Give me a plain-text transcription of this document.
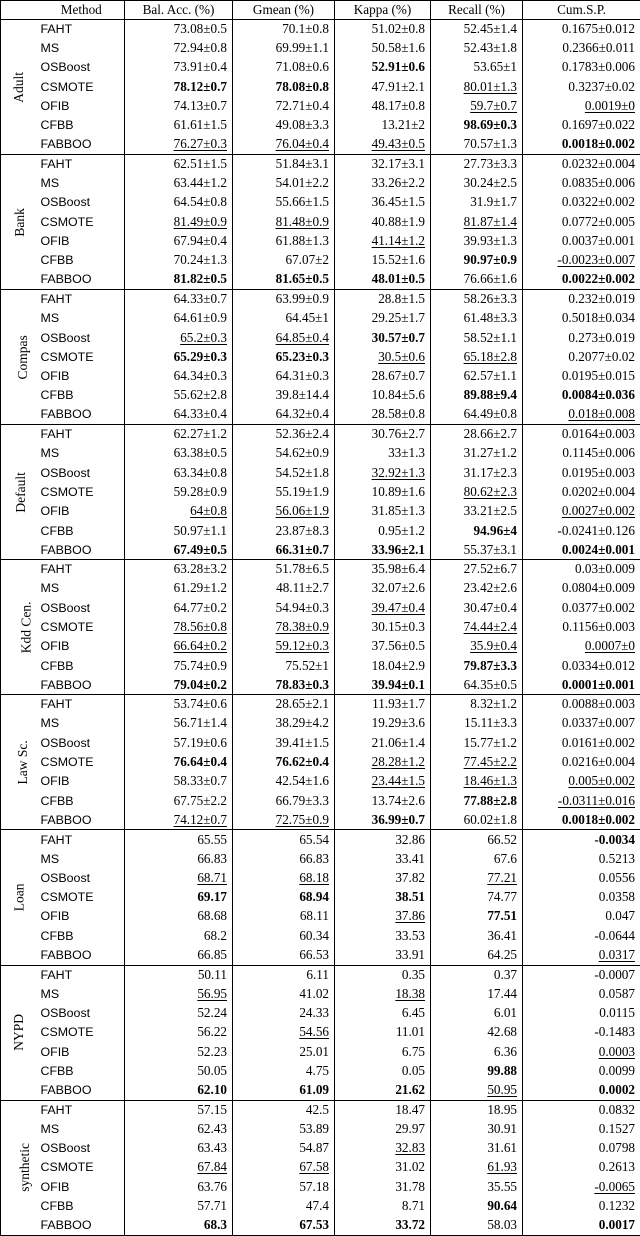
	Method	Bal. Acc. (%)	Gmean (%)	Kappa (%)	Recall (%)	Cum.S.P.
Adult	FAHT	73.08±0.5	70.1±0.8	51.02±0.8	52.45±1.4	0.1675±0.012
	MS	72.94±0.8	69.99±1.1	50.58±1.6	52.43±1.8	0.2366±0.011
	OSBoost	73.91±0.4	71.08±0.6	52.91±0.6	53.65±1	0.1783±0.006
	CSMOTE	78.12±0.7	78.08±0.8	47.91±2.1	80.01±1.3	0.3237±0.02
	OFIB	74.13±0.7	72.71±0.4	48.17±0.8	59.7±0.7	0.0019±0
	CFBB	61.61±1.5	49.08±3.3	13.21±2	98.69±0.3	0.1697±0.022
	FABBOO	76.27±0.3	76.04±0.4	49.43±0.5	70.57±1.3	0.0018±0.002
Bank	FAHT	62.51±1.5	51.84±3.1	32.17±3.1	27.73±3.3	0.0232±0.004
	MS	63.44±1.2	54.01±2.2	33.26±2.2	30.24±2.5	0.0835±0.006
	OSBoost	64.54±0.8	55.66±1.5	36.45±1.5	31.9±1.7	0.0322±0.002
	CSMOTE	81.49±0.9	81.48±0.9	40.88±1.9	81.87±1.4	0.0772±0.005
	OFIB	67.94±0.4	61.88±1.3	41.14±1.2	39.93±1.3	0.0037±0.001
	CFBB	70.24±1.3	67.07±2	15.52±1.6	90.97±0.9	-0.0023±0.007
	FABBOO	81.82±0.5	81.65±0.5	48.01±0.5	76.66±1.6	0.0022±0.002
Compas	FAHT	64.33±0.7	63.99±0.9	28.8±1.5	58.26±3.3	0.232±0.019
	MS	64.61±0.9	64.45±1	29.25±1.7	61.48±3.3	0.5018±0.034
	OSBoost	65.2±0.3	64.85±0.4	30.57±0.7	58.52±1.1	0.273±0.019
	CSMOTE	65.29±0.3	65.23±0.3	30.5±0.6	65.18±2.8	0.2077±0.02
	OFIB	64.34±0.3	64.31±0.3	28.67±0.7	62.57±1.1	0.0195±0.015
	CFBB	55.62±2.8	39.8±14.4	10.84±5.6	89.88±9.4	0.0084±0.036
	FABBOO	64.33±0.4	64.32±0.4	28.58±0.8	64.49±0.8	0.018±0.008
Default	FAHT	62.27±1.2	52.36±2.4	30.76±2.7	28.66±2.7	0.0164±0.003
	MS	63.38±0.5	54.62±0.9	33±1.3	31.27±1.2	0.1145±0.006
	OSBoost	63.34±0.8	54.52±1.8	32.92±1.3	31.17±2.3	0.0195±0.003
	CSMOTE	59.28±0.9	55.19±1.9	10.89±1.6	80.62±2.3	0.0202±0.004
	OFIB	64±0.8	56.06±1.9	31.85±1.3	33.21±2.5	0.0027±0.002
	CFBB	50.97±1.1	23.87±8.3	0.95±1.2	94.96±4	-0.0241±0.126
	FABBOO	67.49±0.5	66.31±0.7	33.96±2.1	55.37±3.1	0.0024±0.001
Kdd Cen.	FAHT	63.28±3.2	51.78±6.5	35.98±6.4	27.52±6.7	0.03±0.009
	MS	61.29±1.2	48.11±2.7	32.07±2.6	23.42±2.6	0.0804±0.009
	OSBoost	64.77±0.2	54.94±0.3	39.47±0.4	30.47±0.4	0.0377±0.002
	CSMOTE	78.56±0.8	78.38±0.9	30.15±0.3	74.44±2.4	0.1156±0.003
	OFIB	66.64±0.2	59.12±0.3	37.56±0.5	35.9±0.4	0.0007±0
	CFBB	75.74±0.9	75.52±1	18.04±2.9	79.87±3.3	0.0334±0.012
	FABBOO	79.04±0.2	78.83±0.3	39.94±0.1	64.35±0.5	0.0001±0.001
Law Sc.	FAHT	53.74±0.6	28.65±2.1	11.93±1.7	8.32±1.2	0.0088±0.003
	MS	56.71±1.4	38.29±4.2	19.29±3.6	15.11±3.3	0.0337±0.007
	OSBoost	57.19±0.6	39.41±1.5	21.06±1.4	15.77±1.2	0.0161±0.002
	CSMOTE	76.64±0.4	76.62±0.4	28.28±1.2	77.45±2.2	0.0216±0.004
	OFIB	58.33±0.7	42.54±1.6	23.44±1.5	18.46±1.3	0.005±0.002
	CFBB	67.75±2.2	66.79±3.3	13.74±2.6	77.88±2.8	-0.0311±0.016
	FABBOO	74.12±0.7	72.75±0.9	36.99±0.7	60.02±1.8	0.0018±0.002
Loan	FAHT	65.55	65.54	32.86	66.52	-0.0034
	MS	66.83	66.83	33.41	67.6	0.5213
	OSBoost	68.71	68.18	37.82	77.21	0.0556
	CSMOTE	69.17	68.94	38.51	74.77	0.0358
	OFIB	68.68	68.11	37.86	77.51	0.047
	CFBB	68.2	60.34	33.53	36.41	-0.0644
	FABBOO	66.85	66.53	33.91	64.25	0.0317
NYPD	FAHT	50.11	6.11	0.35	0.37	-0.0007
	MS	56.95	41.02	18.38	17.44	0.0587
	OSBoost	52.24	24.33	6.45	6.01	0.0115
	CSMOTE	56.22	54.56	11.01	42.68	-0.1483
	OFIB	52.23	25.01	6.75	6.36	0.0003
	CFBB	50.05	4.75	0.05	99.88	0.0099
	FABBOO	62.10	61.09	21.62	50.95	0.0002
synthetic	FAHT	57.15	42.5	18.47	18.95	0.0832
	MS	62.43	53.89	29.97	30.91	0.1527
	OSBoost	63.43	54.87	32.83	31.61	0.0798
	CSMOTE	67.84	67.58	31.02	61.93	0.2613
	OFIB	63.76	57.18	31.78	35.55	-0.0065
	CFBB	57.71	47.4	8.71	90.64	0.1232
	FABBOO	68.3	67.53	33.72	58.03	0.0017
